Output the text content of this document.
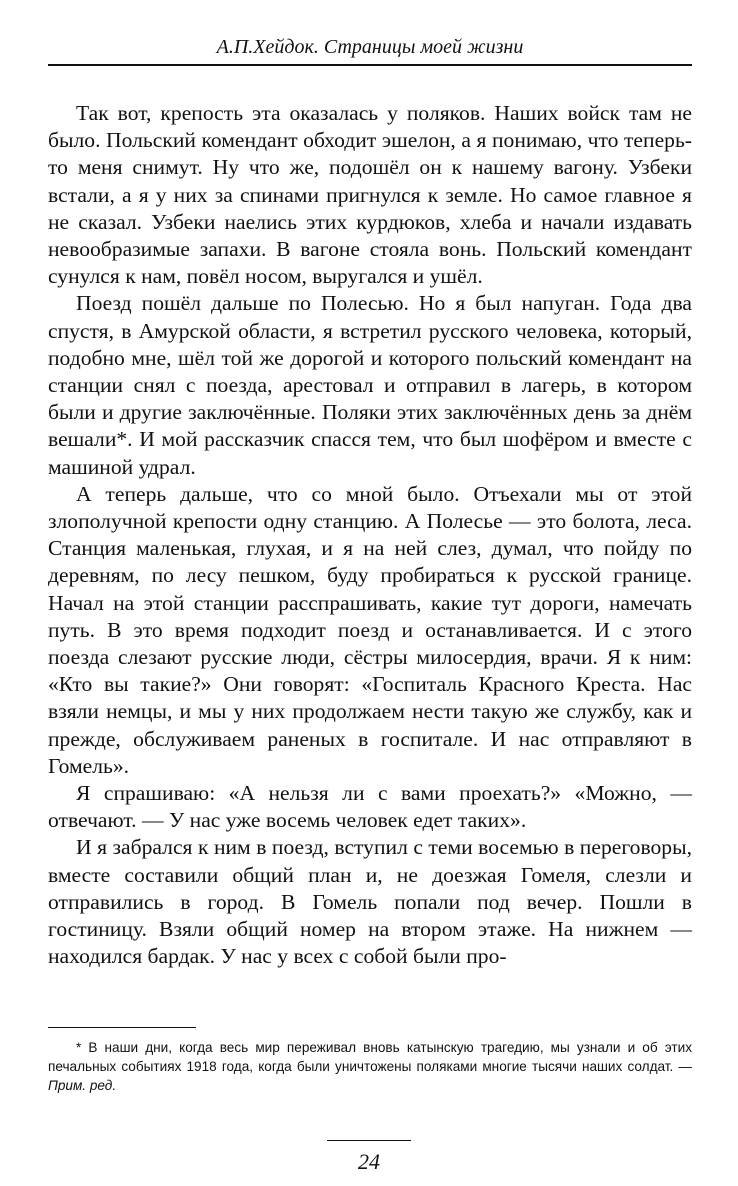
А.П.Хейдок. Страницы моей жизни

Так вот, крепость эта оказалась у поляков. Наших войск там не было. Польский комендант обходит эшелон, а я понимаю, что теперь-то меня снимут. Ну что же, подошёл он к нашему вагону. Узбеки встали, а я у них за спинами пригнулся к земле. Но самое главное я не сказал. Узбеки наелись этих курдюков, хлеба и начали издавать невообразимые запахи. В вагоне стояла вонь. Польский комендант сунулся к нам, повёл носом, выругался и ушёл.

Поезд пошёл дальше по Полесью. Но я был напуган. Года два спустя, в Амурской области, я встретил русского человека, который, подобно мне, шёл той же дорогой и которого польский комендант на станции снял с поезда, арестовал и отправил в лагерь, в котором были и другие заключённые. Поляки этих заключённых день за днём вешали*. И мой рассказчик спасся тем, что был шофёром и вместе с машиной удрал.

А теперь дальше, что со мной было. Отъехали мы от этой злополучной крепости одну станцию. А Полесье — это болота, леса. Станция маленькая, глухая, и я на ней слез, думал, что пойду по деревням, по лесу пешком, буду пробираться к русской границе. Начал на этой станции расспрашивать, какие тут дороги, намечать путь. В это время подходит поезд и останавливается. И с этого поезда слезают русские люди, сёстры милосердия, врачи. Я к ним: «Кто вы такие?» Они говорят: «Госпиталь Красного Креста. Нас взяли немцы, и мы у них продолжаем нести такую же службу, как и прежде, обслуживаем раненых в госпитале. И нас отправляют в Гомель».

Я спрашиваю: «А нельзя ли с вами проехать?» «Можно, — отвечают. — У нас уже восемь человек едет таких».

И я забрался к ним в поезд, вступил с теми восемью в переговоры, вместе составили общий план и, не доезжая Гомеля, слезли и отправились в город. В Гомель попали под вечер. Пошли в гостиницу. Взяли общий номер на втором этаже. На нижнем — находился бардак. У нас у всех с собой были про-

* В наши дни, когда весь мир переживал вновь катынскую трагедию, мы узнали и об этих печальных событиях 1918 года, когда были уничтожены поляками многие тысячи наших солдат. — Прим. ред.
24
